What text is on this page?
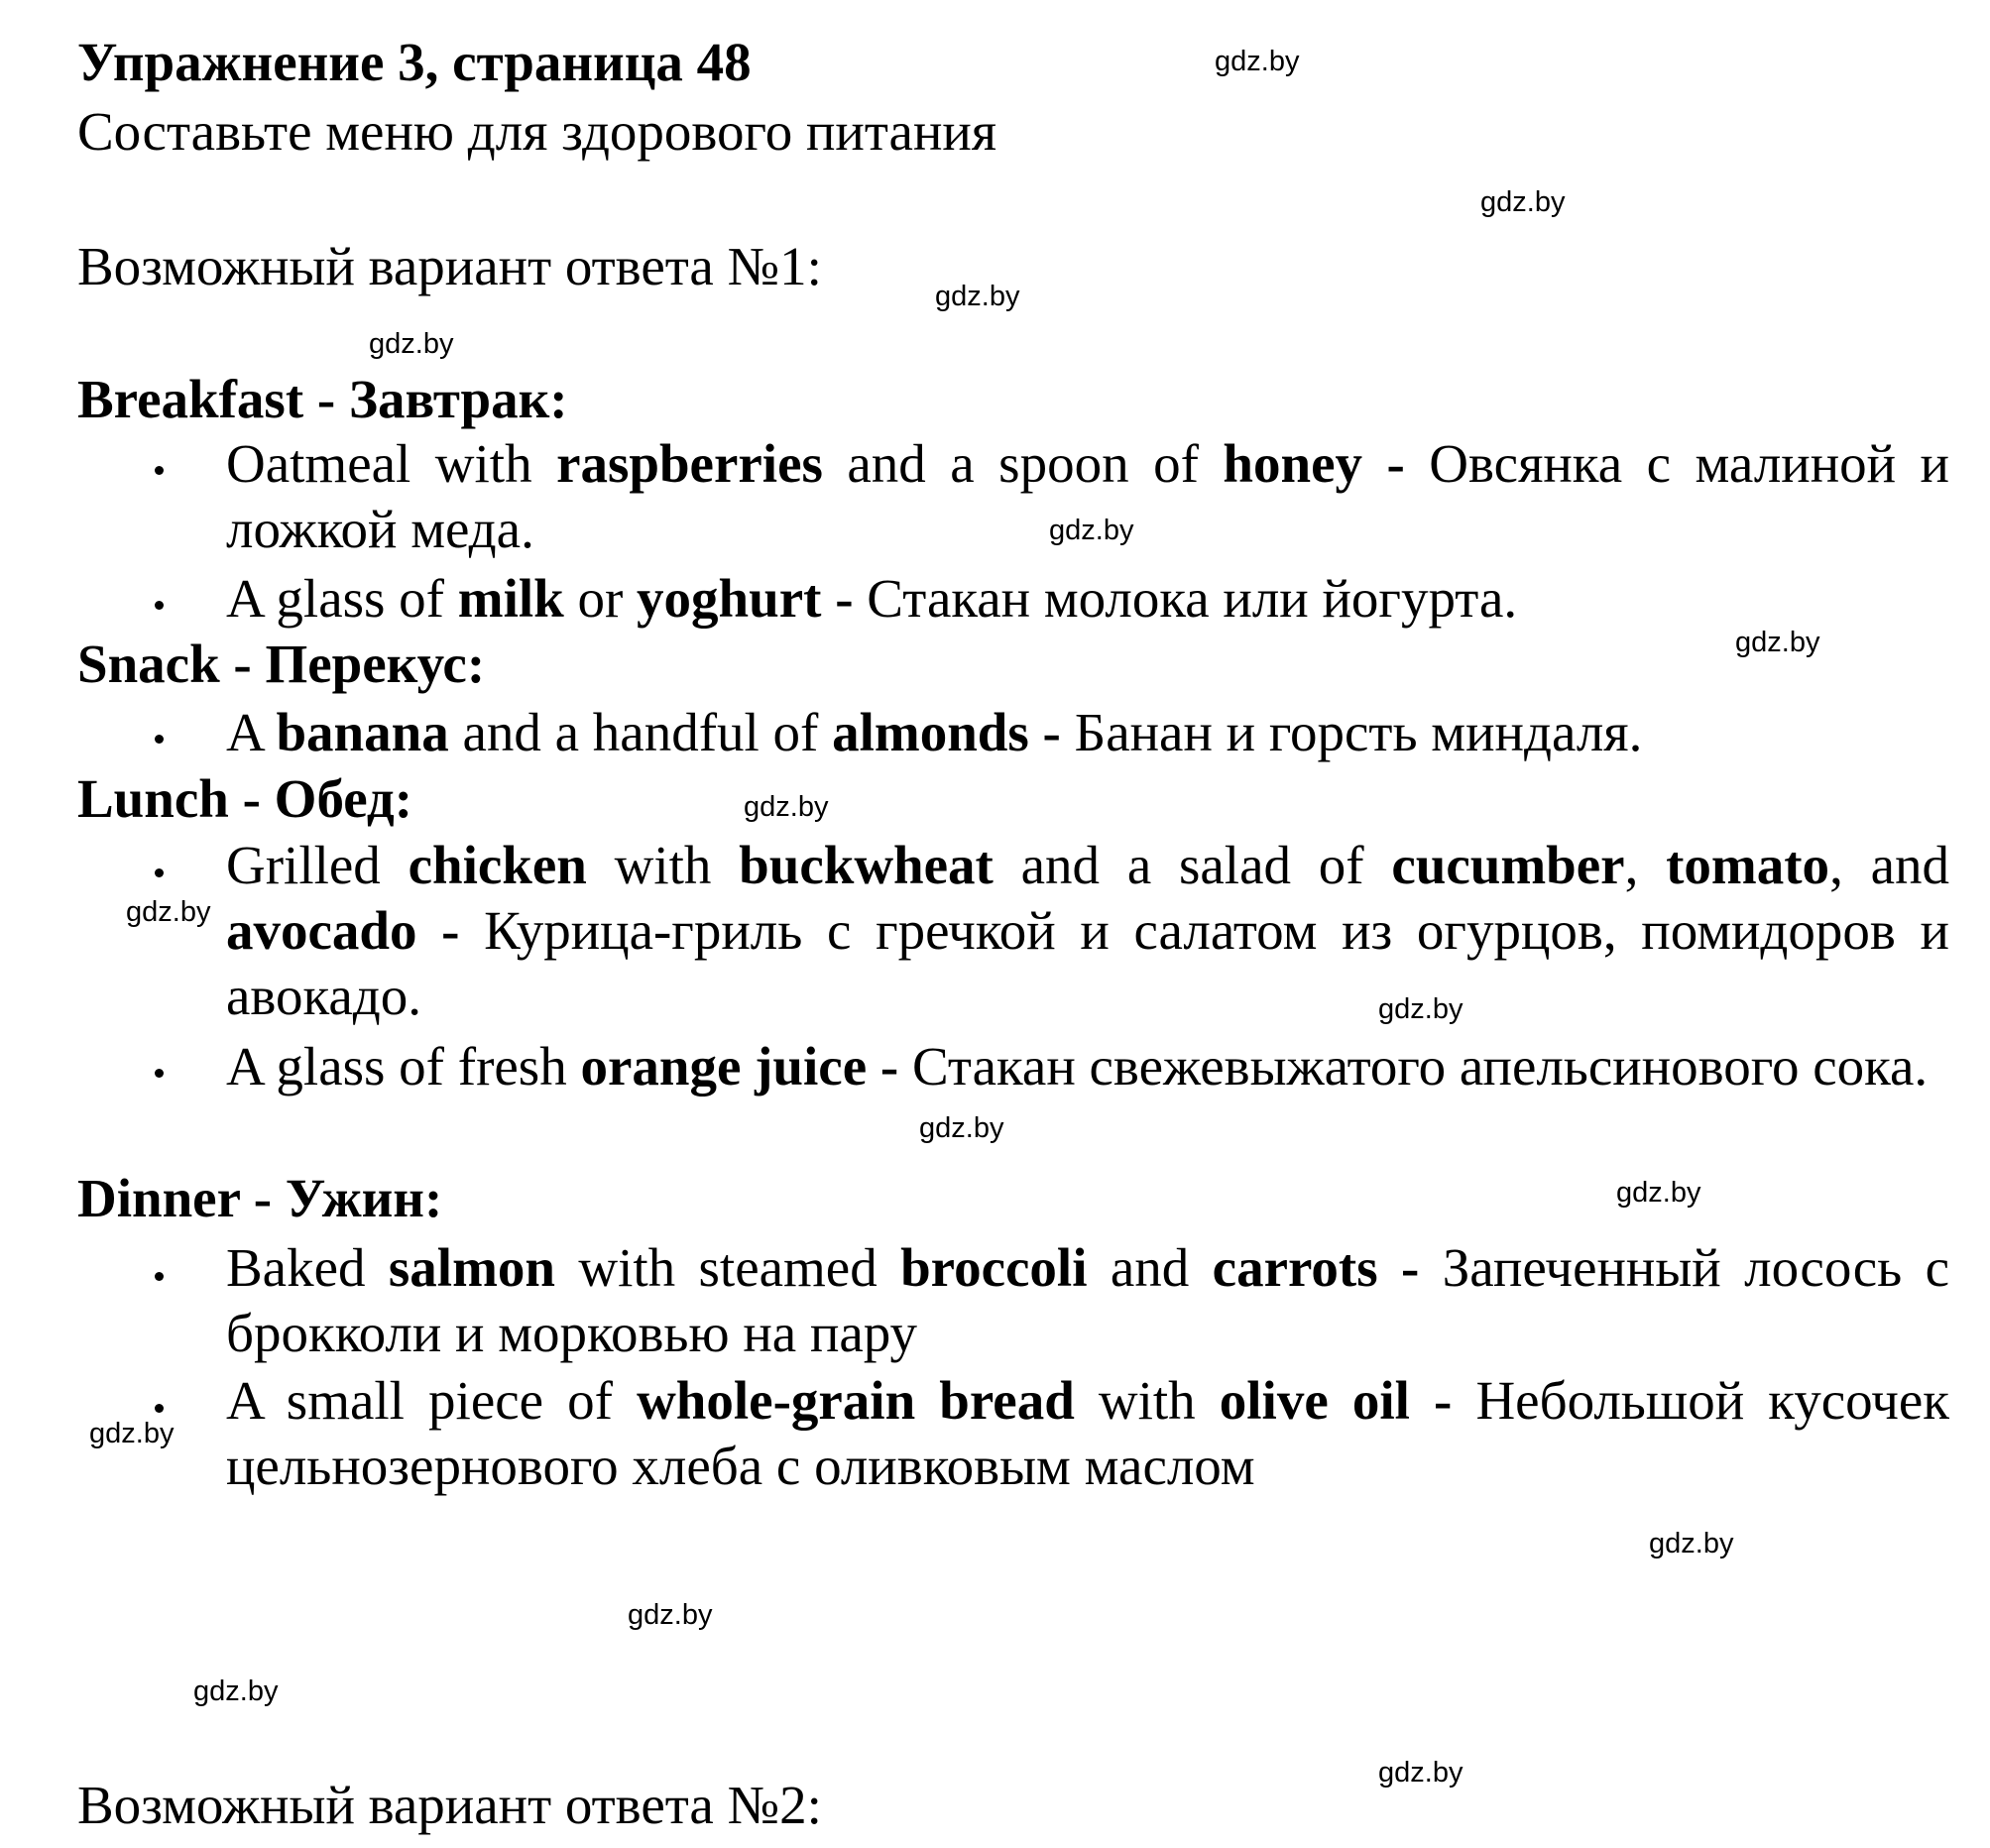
Упражнение 3, страница 48
Составьте меню для здорового питания
Возможный вариант ответа №1:
Breakfast - Завтрак:
Oatmeal with raspberries and a spoon of honey - Овсянка с малиной и ложкой меда.
A glass of milk or yoghurt - Стакан молока или йогурта.
Snack - Перекус:
A banana and a handful of almonds - Банан и горсть миндаля.
Lunch - Обед:
Grilled chicken with buckwheat and a salad of cucumber, tomato, and avocado - Курица-гриль с гречкой и салатом из огурцов, помидоров и авокадо.
A glass of fresh orange juice - Стакан свежевыжатого апельсинового сока.
Dinner - Ужин:
Baked salmon with steamed broccoli and carrots - Запеченный лосось с брокколи и морковью на пару
A small piece of whole-grain bread with olive oil - Небольшой кусочек цельнозернового хлеба с оливковым маслом
Возможный вариант ответа №2:
gdz.by
gdz.by
gdz.by
gdz.by
gdz.by
gdz.by
gdz.by
gdz.by
gdz.by
gdz.by
gdz.by
gdz.by
gdz.by
gdz.by
gdz.by
gdz.by
